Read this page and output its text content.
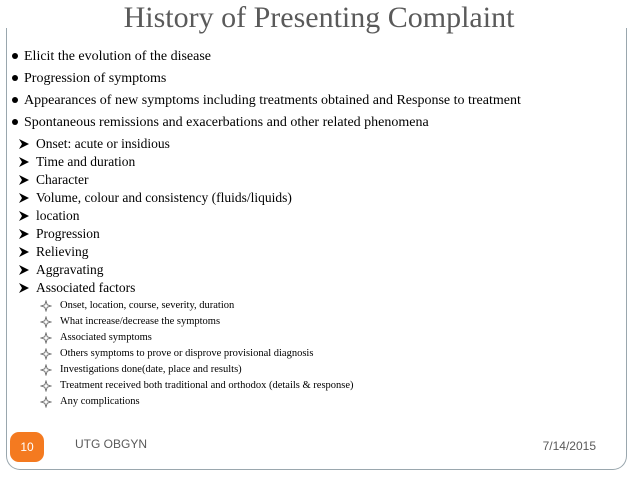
History of Presenting Complaint
Elicit the evolution of the disease
Progression of symptoms
Appearances of new symptoms including treatments obtained and Response to treatment
Spontaneous remissions and exacerbations and other related phenomena
Onset: acute or insidious
Time and duration
Character
Volume, colour and consistency (fluids/liquids)
location
Progression
Relieving
Aggravating
Associated factors
Onset, location, course, severity, duration
What increase/decrease the symptoms
Associated symptoms
Others symptoms to prove or disprove provisional diagnosis
Investigations done(date, place and results)
Treatment received both traditional and orthodox (details & response)
Any complications
10	UTG OBGYN	7/14/2015
